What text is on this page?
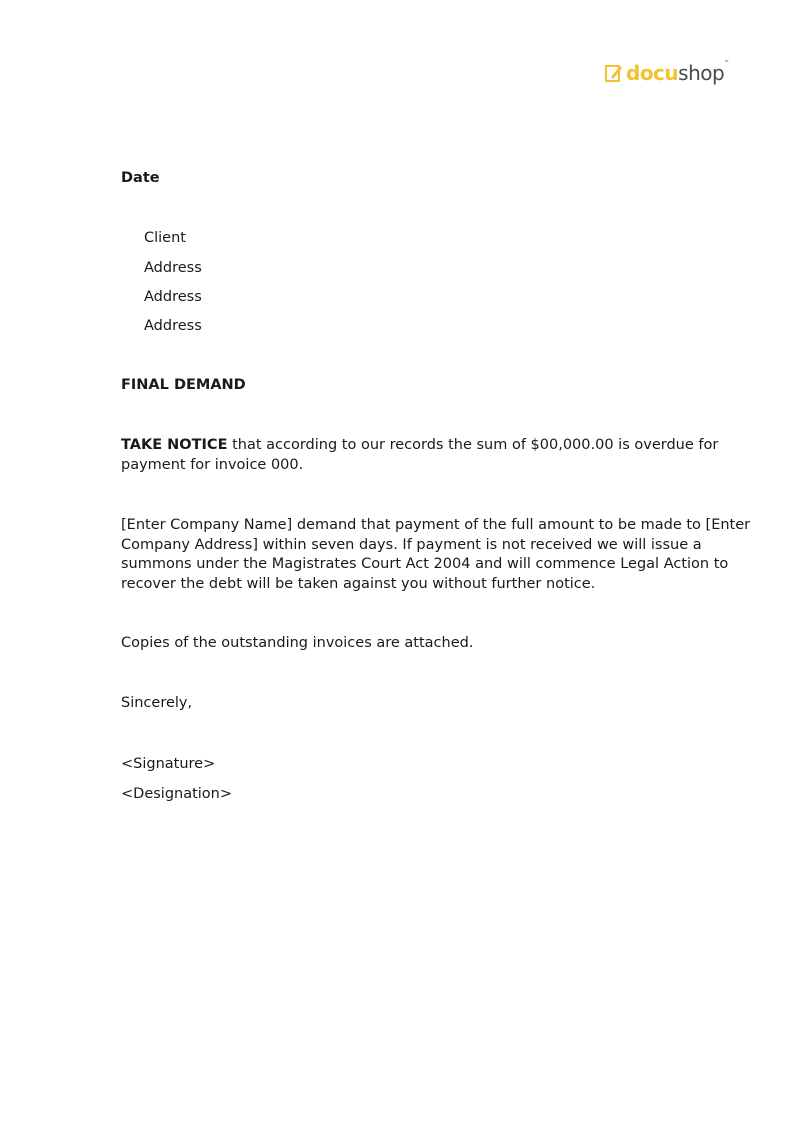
docushop™
Date
Client
Address
Address
Address
FINAL DEMAND
TAKE NOTICE that according to our records the sum of $00,000.00 is overdue for
payment for invoice 000.
[Enter Company Name] demand that payment of the full amount to be made to [Enter
Company Address] within seven days. If payment is not received we will issue a
summons under the Magistrates Court Act 2004 and will commence Legal Action to
recover the debt will be taken against you without further notice.
Copies of the outstanding invoices are attached.
Sincerely,
<Signature>
<Designation>
